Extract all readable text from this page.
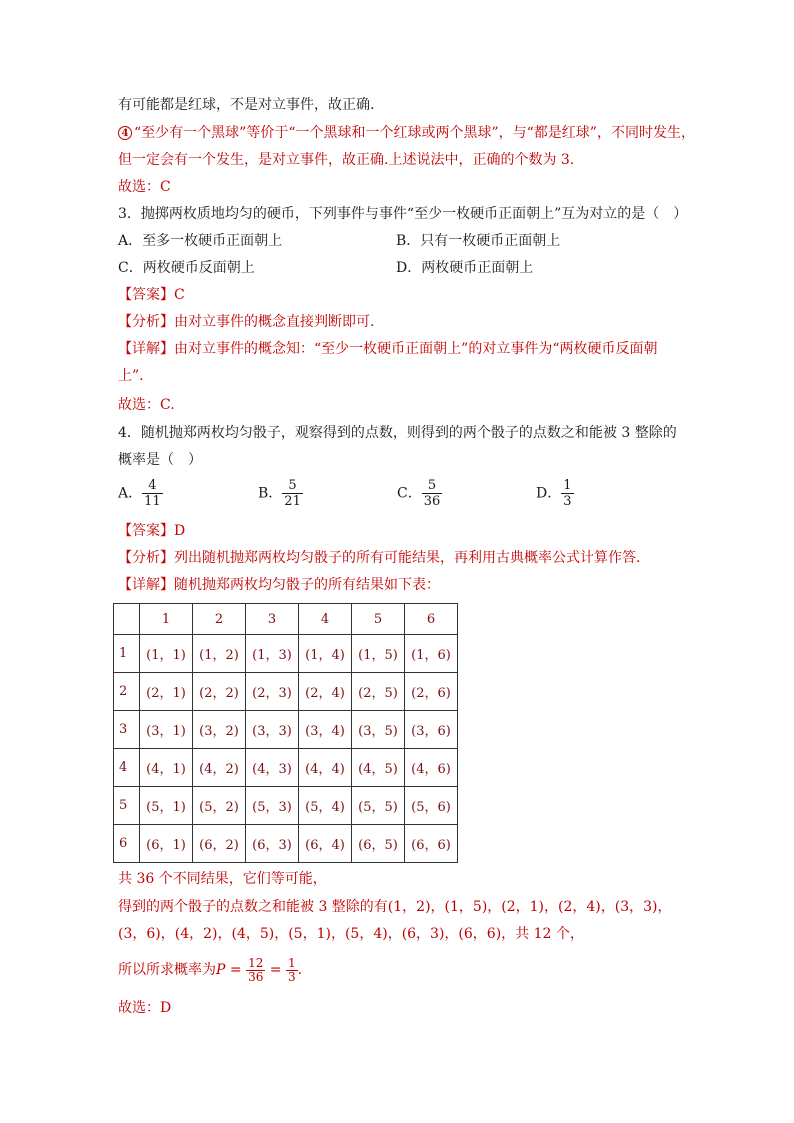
有可能都是红球，不是对立事件，故正确.
4 “至少有一个黑球”等价于“一个黑球和一个红球或两个黑球”，与“都是红球”，不同时发生，
但一定会有一个发生，是对立事件，故正确.上述说法中，正确的个数为 3.
故选：C
3．抛掷两枚质地均匀的硬币，下列事件与事件“至少一枚硬币正面朝上”互为对立的是（　）
A．至多一枚硬币正面朝上	B．只有一枚硬币正面朝上
C．两枚硬币反面朝上	D．两枚硬币正面朝上
【答案】C
【分析】由对立事件的概念直接判断即可.
【详解】由对立事件的概念知：“至少一枚硬币正面朝上”的对立事件为“两枚硬币反面朝
上”.
故选：C.
4．随机抛郑两枚均匀骰子，观察得到的点数，则得到的两个骰子的点数之和能被 3 整除的
概率是（　）
A． $\frac{4}{11}$	B． $\frac{5}{21}$	C． $\frac{5}{36}$	D． $\frac{1}{3}$
【答案】D
【分析】列出随机抛郑两枚均匀骰子的所有可能结果，再利用古典概率公式计算作答.
【详解】随机抛郑两枚均匀骰子的所有结果如下表：
	1	2	3	4	5	6
1	(1，1)	(1，2)	(1，3)	(1，4)	(1，5)	(1，6)
2	(2，1)	(2，2)	(2，3)	(2，4)	(2，5)	(2，6)
3	(3，1)	(3，2)	(3，3)	(3，4)	(3，5)	(3，6)
4	(4，1)	(4，2)	(4，3)	(4，4)	(4，5)	(4，6)
5	(5，1)	(5，2)	(5，3)	(5，4)	(5，5)	(5，6)
6	(6，1)	(6，2)	(6，3)	(6，4)	(6，5)	(6，6)
共 36 个不同结果，它们等可能，
得到的两个骰子的点数之和能被 3 整除的有(1，2)，(1，5)，(2，1)，(2，4)，(3，3)，
(3，6)，(4，2)，(4，5)，(5，1)，(5，4)，(6，3)，(6，6)，共 12 个，
所以所求概率为$P = \frac{12}{36} = \frac{1}{3}$ .
故选：D
